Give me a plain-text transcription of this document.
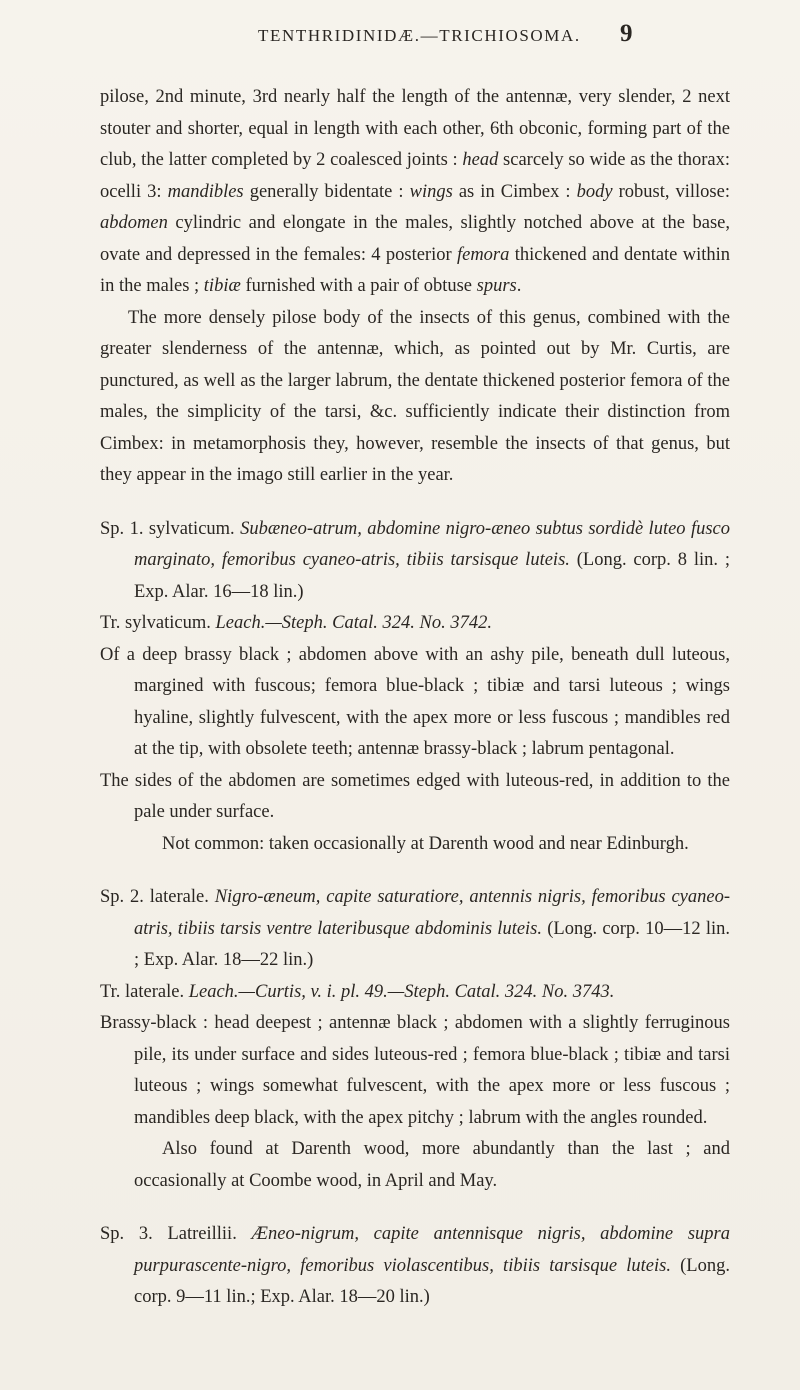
TENTHRIDINIDÆ.—TRICHIOSOMA. 9

pilose, 2nd minute, 3rd nearly half the length of the antennæ, very slender, 2 next stouter and shorter, equal in length with each other, 6th obconic, forming part of the club, the latter completed by 2 coalesced joints : head scarcely so wide as the thorax: ocelli 3: mandibles generally bidentate : wings as in Cimbex : body robust, villose: abdomen cylindric and elongate in the males, slightly notched above at the base, ovate and depressed in the females: 4 posterior femora thickened and dentate within in the males ; tibiæ furnished with a pair of obtuse spurs.

The more densely pilose body of the insects of this genus, combined with the greater slenderness of the antennæ, which, as pointed out by Mr. Curtis, are punctured, as well as the larger labrum, the dentate thickened posterior femora of the males, the simplicity of the tarsi, &c. sufficiently indicate their distinction from Cimbex: in metamorphosis they, however, resemble the insects of that genus, but they appear in the imago still earlier in the year.

Sp. 1. sylvaticum. Subæneo-atrum, abdomine nigro-æneo subtus sordidè luteo fusco marginato, femoribus cyaneo-atris, tibiis tarsisque luteis. (Long. corp. 8 lin. ; Exp. Alar. 16—18 lin.)

Tr. sylvaticum. Leach.—Steph. Catal. 324. No. 3742.

Of a deep brassy black ; abdomen above with an ashy pile, beneath dull luteous, margined with fuscous; femora blue-black ; tibiæ and tarsi luteous ; wings hyaline, slightly fulvescent, with the apex more or less fuscous ; mandibles red at the tip, with obsolete teeth; antennæ brassy-black ; labrum pentagonal.

The sides of the abdomen are sometimes edged with luteous-red, in addition to the pale under surface.

Not common: taken occasionally at Darenth wood and near Edinburgh.

Sp. 2. laterale. Nigro-æneum, capite saturatiore, antennis nigris, femoribus cyaneo-atris, tibiis tarsis ventre lateribusque abdominis luteis. (Long. corp. 10—12 lin. ; Exp. Alar. 18—22 lin.)

Tr. laterale. Leach.—Curtis, v. i. pl. 49.—Steph. Catal. 324. No. 3743.

Brassy-black : head deepest ; antennæ black ; abdomen with a slightly ferruginous pile, its under surface and sides luteous-red ; femora blue-black ; tibiæ and tarsi luteous ; wings somewhat fulvescent, with the apex more or less fuscous ; mandibles deep black, with the apex pitchy ; labrum with the angles rounded.

Also found at Darenth wood, more abundantly than the last ; and occasionally at Coombe wood, in April and May.

Sp. 3. Latreillii. Æneo-nigrum, capite antennisque nigris, abdomine supra purpurascente-nigro, femoribus violascentibus, tibiis tarsisque luteis. (Long. corp. 9—11 lin.; Exp. Alar. 18—20 lin.)
